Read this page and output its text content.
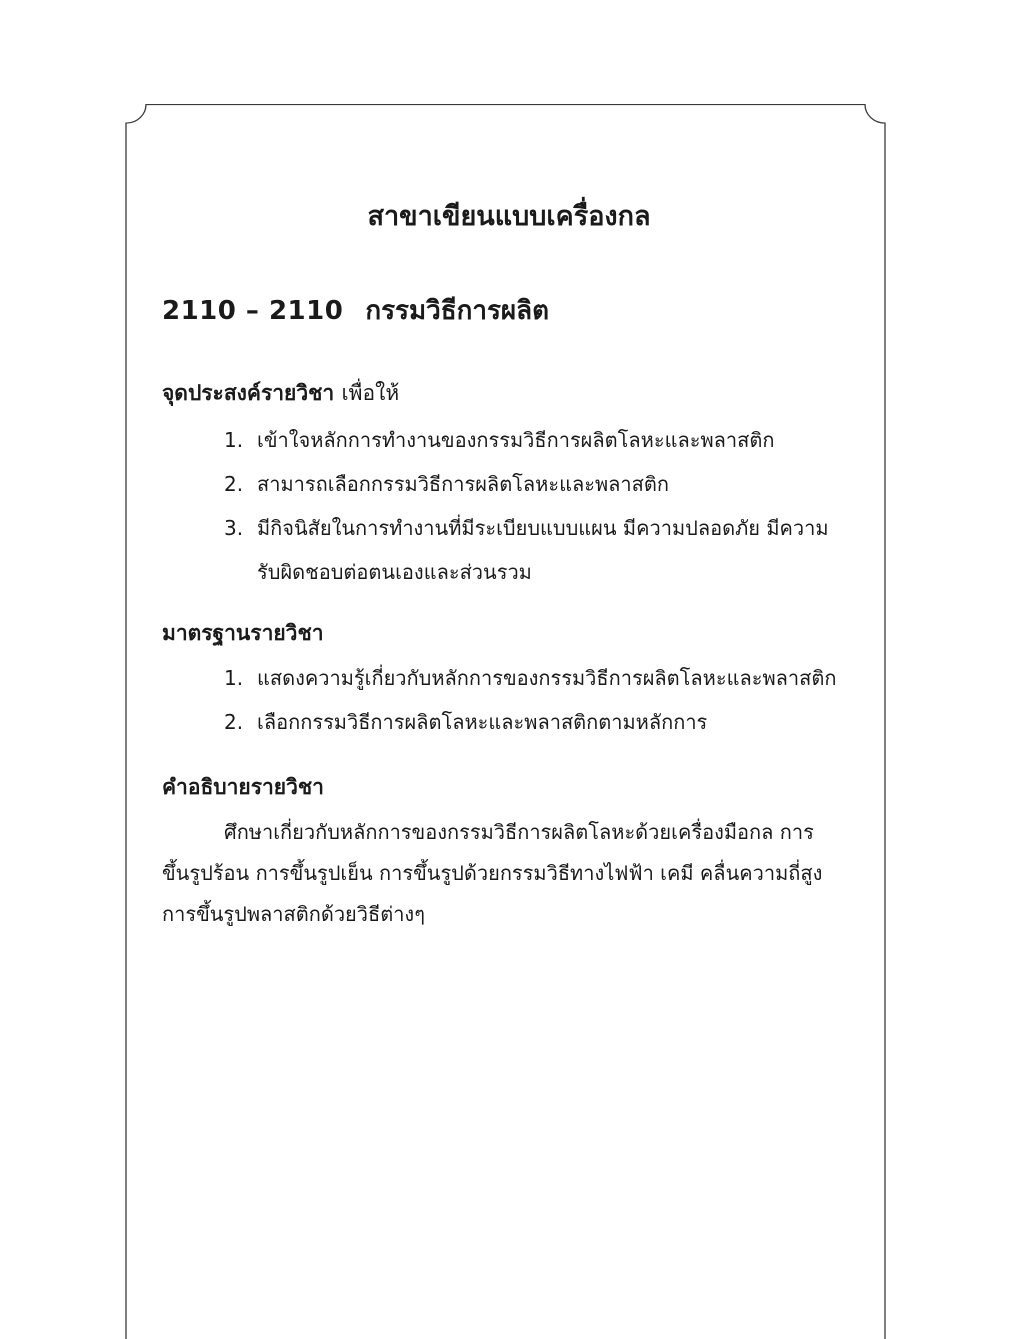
สาขาเขียนแบบเครื่องกล
2110 – 2110 กรรมวิธีการผลิต
จุดประสงค์รายวิชา เพื่อให้
1. เข้าใจหลักการทำงานของกรรมวิธีการผลิตโลหะและพลาสติก
2. สามารถเลือกกรรมวิธีการผลิตโลหะและพลาสติก
3. มีกิจนิสัยในการทำงานที่มีระเบียบแบบแผน มีความปลอดภัย มีความ
รับผิดชอบต่อตนเองและส่วนรวม
มาตรฐานรายวิชา
1. แสดงความรู้เกี่ยวกับหลักการของกรรมวิธีการผลิตโลหะและพลาสติก
2. เลือกกรรมวิธีการผลิตโลหะและพลาสติกตามหลักการ
คำอธิบายรายวิชา

ศึกษาเกี่ยวกับหลักการของกรรมวิธีการผลิตโลหะด้วยเครื่องมือกล การ
ขึ้นรูปร้อน การขึ้นรูปเย็น การขึ้นรูปด้วยกรรมวิธีทางไฟฟ้า เคมี คลื่นความถี่สูง
การขึ้นรูปพลาสติกด้วยวิธีต่างๆ
